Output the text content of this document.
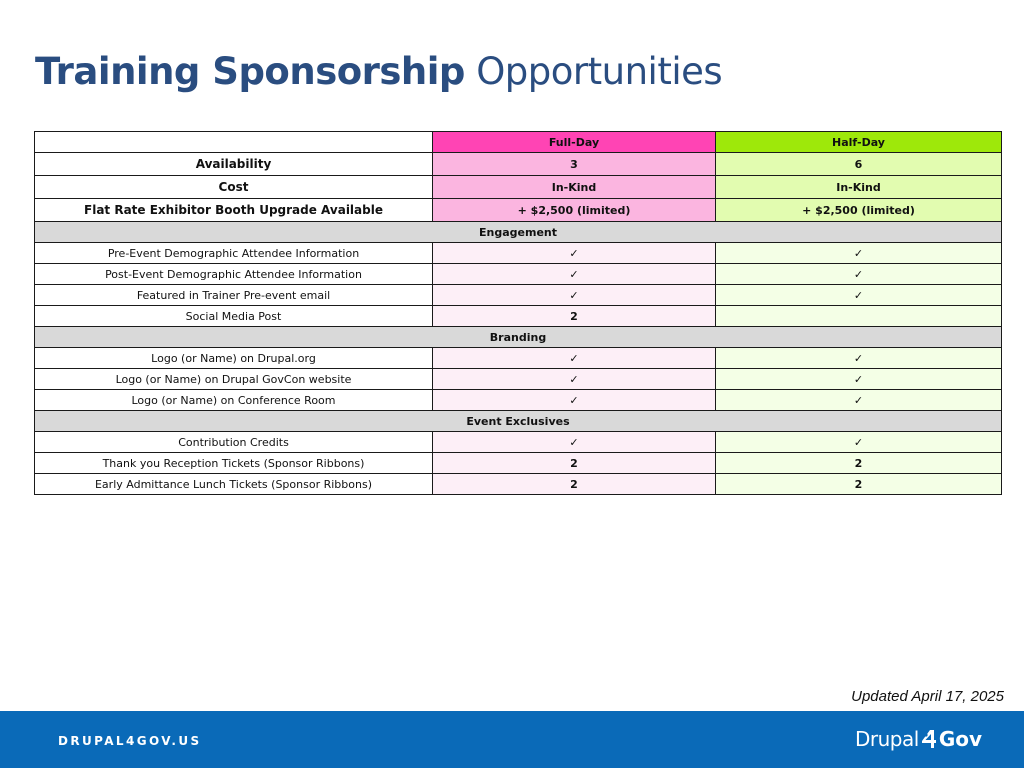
Training Sponsorship Opportunities
	Full-Day	Half-Day
Availability	3	6
Cost	In-Kind	In-Kind
Flat Rate Exhibitor Booth Upgrade Available	+ $2,500 (limited)	+ $2,500 (limited)
Engagement		
Pre-Event Demographic Attendee Information	✓	✓
Post-Event Demographic Attendee Information	✓	✓
Featured in Trainer Pre-event email	✓	✓
Social Media Post	2	
Branding		
Logo (or Name) on Drupal.org	✓	✓
Logo (or Name) on Drupal GovCon website	✓	✓
Logo (or Name) on Conference Room	✓	✓
Event Exclusives		
Contribution Credits	✓	✓
Thank you Reception Tickets (Sponsor Ribbons)	2	2
Early Admittance Lunch Tickets (Sponsor Ribbons)	2	2
Updated April 17, 2025
DRUPAL4GOV.US	Drupal Gov
